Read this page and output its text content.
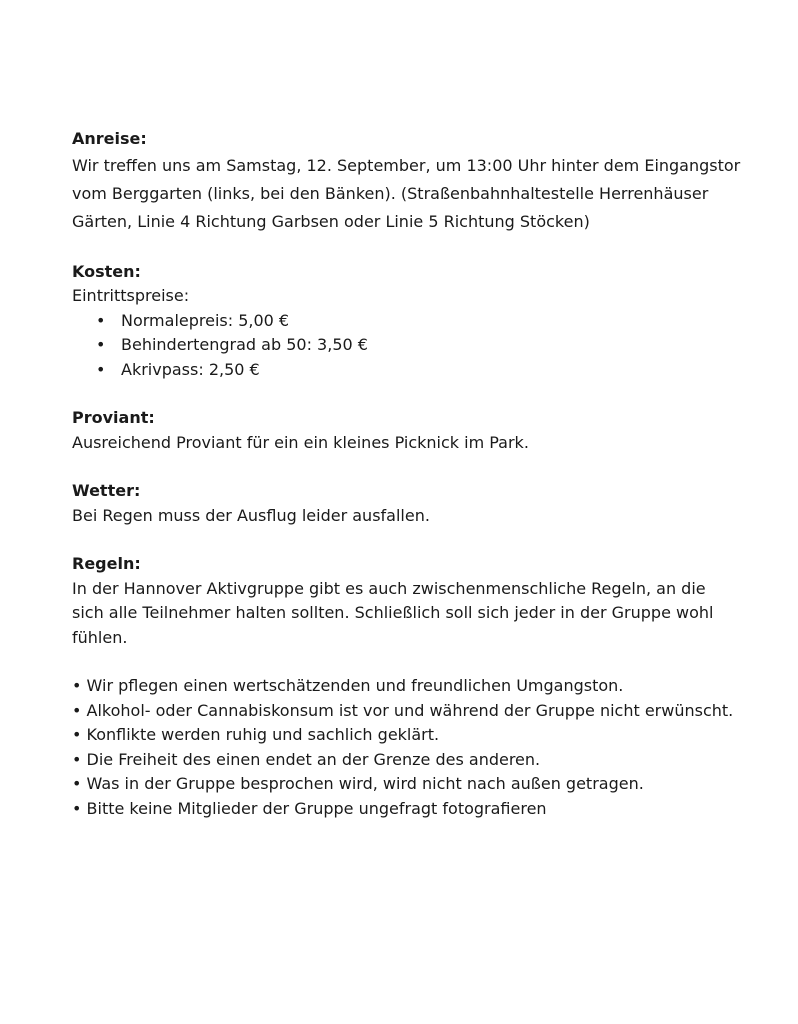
Anreise:

Wir treffen uns am Samstag, 12. September, um 13:00 Uhr hinter dem Eingangstor vom Berggarten (links, bei den Bänken). (Straßenbahnhaltestelle Herrenhäuser Gärten, Linie 4 Richtung Garbsen oder Linie 5 Richtung Stöcken)

Kosten:

Eintrittspreise:

• Normalepreis: 5,00 €
• Behindertengrad ab 50: 3,50 €
• Akrivpass: 2,50 €

Proviant:

Ausreichend Proviant für ein ein kleines Picknick im Park.

Wetter:

Bei Regen muss der Ausflug leider ausfallen.

Regeln:

In der Hannover Aktivgruppe gibt es auch zwischenmenschliche Regeln, an die sich alle Teilnehmer halten sollten. Schließlich soll sich jeder in der Gruppe wohl fühlen.

• Wir pflegen einen wertschätzenden und freundlichen Umgangston.

• Alkohol- oder Cannabiskonsum ist vor und während der Gruppe nicht erwünscht.

• Konflikte werden ruhig und sachlich geklärt.

• Die Freiheit des einen endet an der Grenze des anderen.

• Was in der Gruppe besprochen wird, wird nicht nach außen getragen.

• Bitte keine Mitglieder der Gruppe ungefragt fotografieren
